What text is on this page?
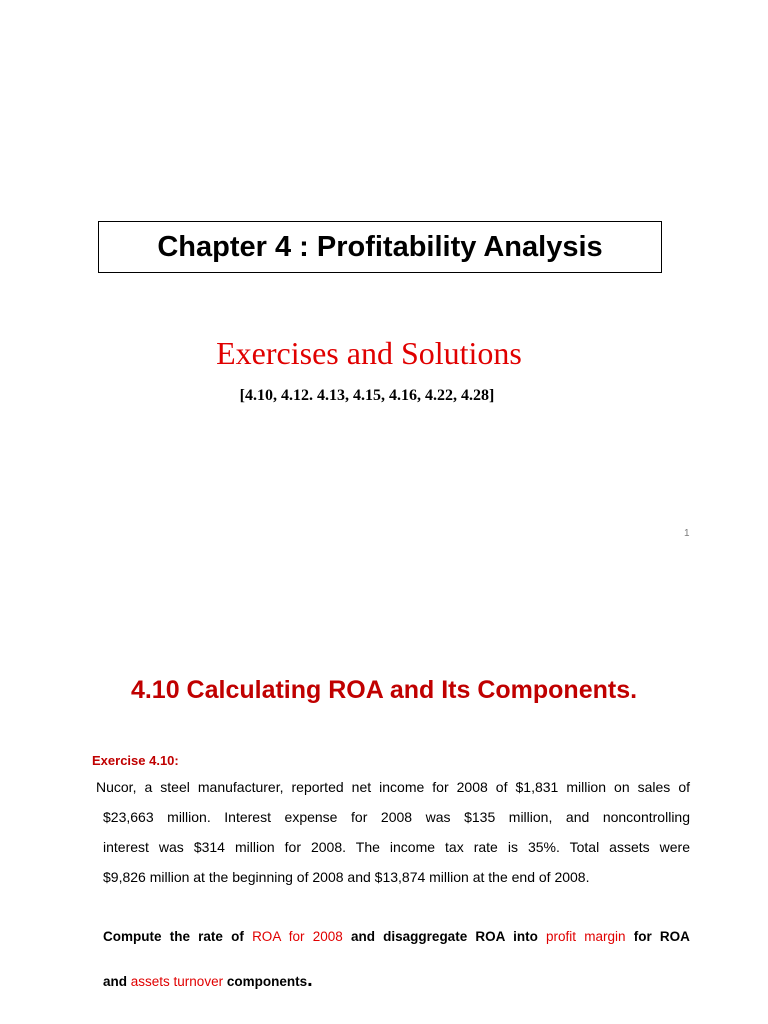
Chapter 4 : Profitability Analysis
Exercises and Solutions
[4.10, 4.12. 4.13, 4.15, 4.16, 4.22, 4.28]
1
4.10 Calculating ROA and Its Components.
Exercise 4.10:
Nucor, a steel manufacturer, reported net income for 2008 of $1,831 million on sales of
$23,663 million. Interest expense for 2008 was $135 million, and noncontrolling
interest was $314 million for 2008. The income tax rate is 35%. Total assets were
$9,826 million at the beginning of 2008 and $13,874 million at the end of 2008.
Compute the rate of ROA for 2008 and disaggregate ROA into profit margin for ROA
and assets turnover components.
